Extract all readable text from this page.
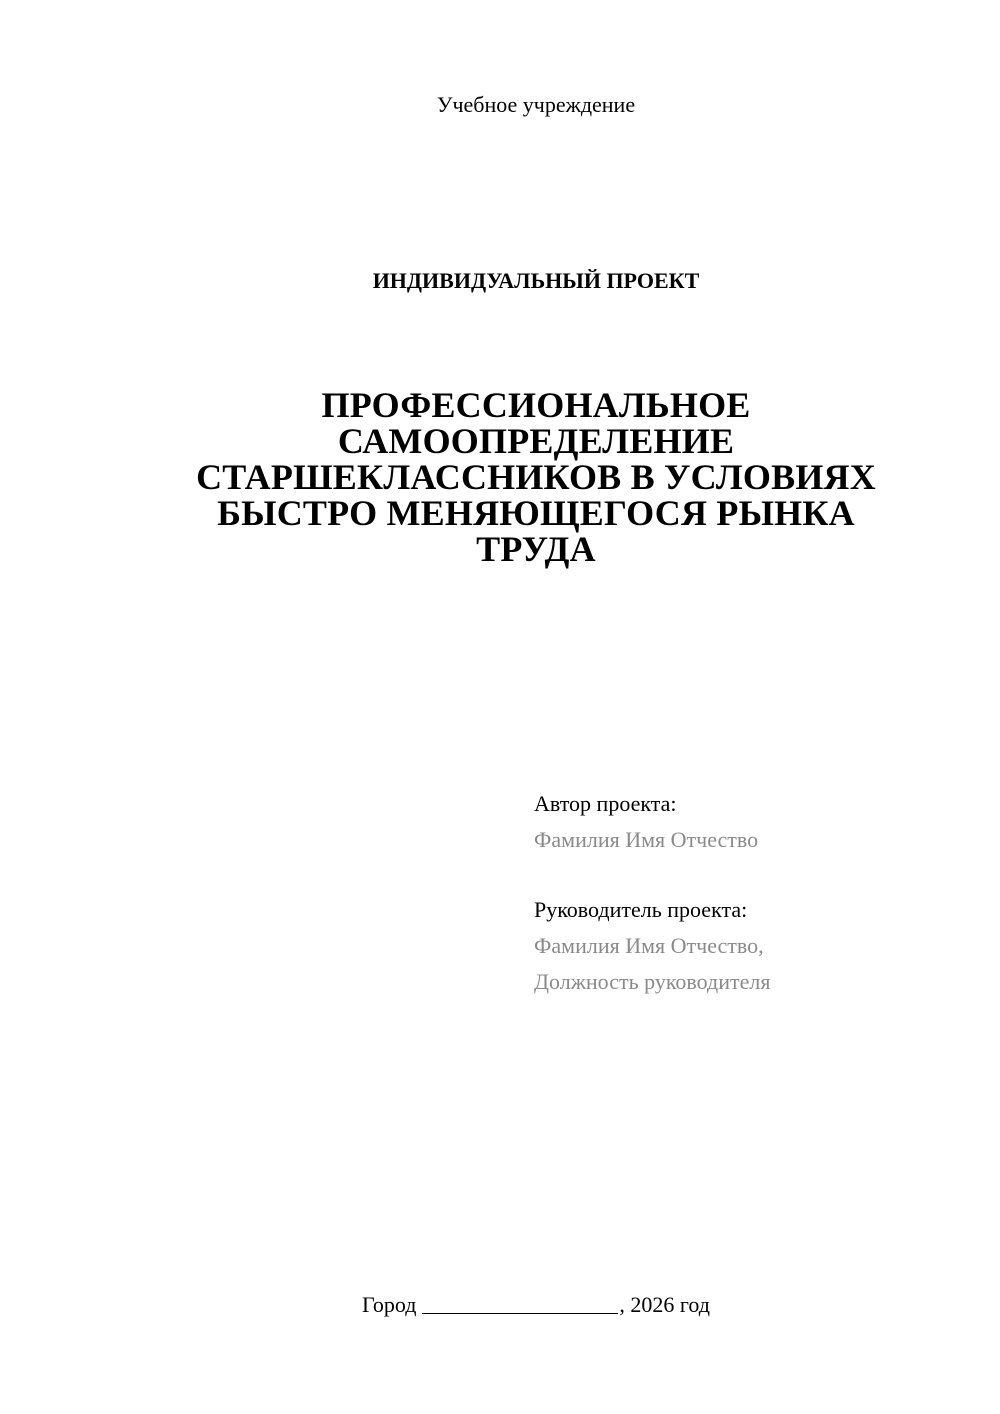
Учебное учреждение
ИНДИВИДУАЛЬНЫЙ ПРОЕКТ
ПРОФЕССИОНАЛЬНОЕ
САМООПРЕДЕЛЕНИЕ
СТАРШЕКЛАССНИКОВ В УСЛОВИЯХ
БЫСТРО МЕНЯЮЩЕГОСЯ РЫНКА
ТРУДА
Автор проекта:
Фамилия Имя Отчество
Руководитель проекта:
Фамилия Имя Отчество,
Должность руководителя
Город	, 2026 год
